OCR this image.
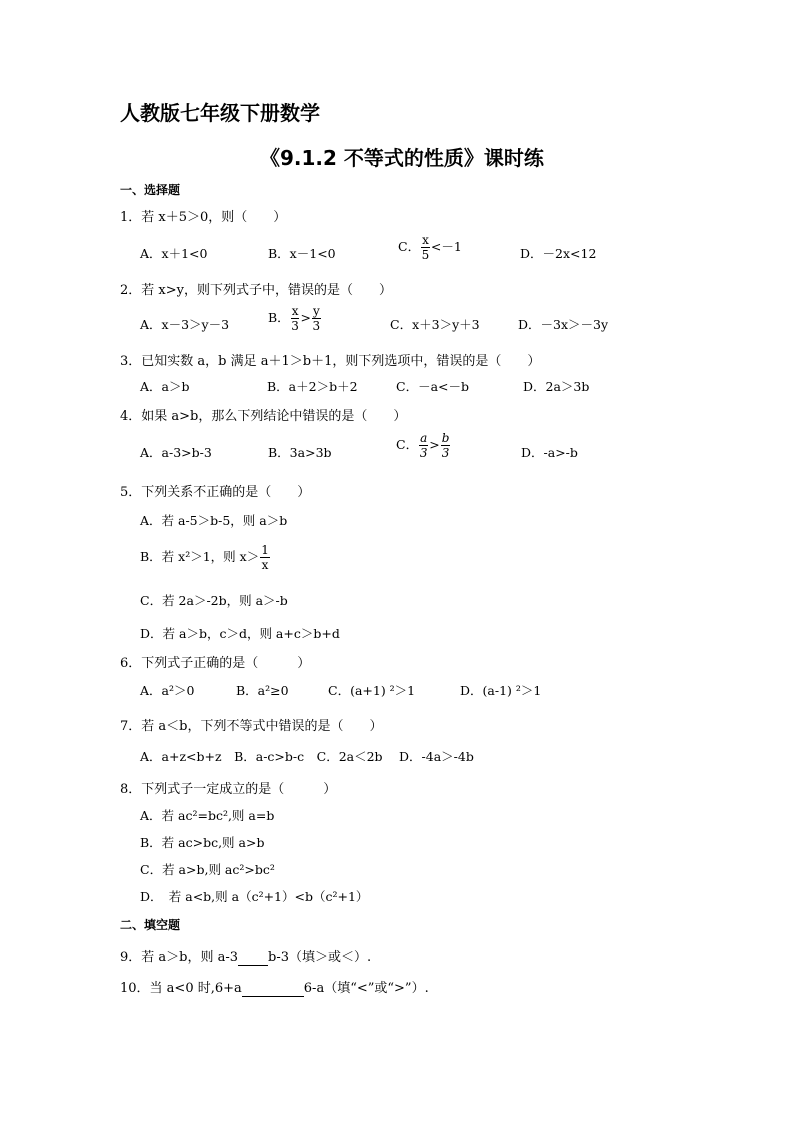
人教版七年级下册数学
《9.1.2 不等式的性质》课时练
一、选择题
1．若 x＋5＞0，则（　　）
A．x＋1<0	B．x－1<0	C． $\frac{x}{5} <-1$	D．－2x<12
2．若 x>y，则下列式子中，错误的是（　　）
A．x－3＞y－3	B． $\frac{x}{3} > \frac{y}{3}$	C．x＋3＞y＋3	D．－3x＞－3y
3．已知实数 a，b 满足 a＋1＞b＋1，则下列选项中，错误的是（　　）
A．a＞b	B．a＋2＞b＋2	C．－a<－b	D．2a＞3b
4．如果 a>b，那么下列结论中错误的是（　　）
A．a-3>b-3	B．3a>3b
C． $\frac{a}{3} > \frac{b}{3}$	D．-a>-b
5．下列关系不正确的是（　　）
A．若 a-5＞b-5，则 a＞b
B．若 x²＞1，则 $x> \frac{1}{x}$
C．若 2a＞-2b，则 a＞-b
D．若 a＞b，c＞d，则 a+c＞b+d
6．下列式子正确的是（　　　）
A．a²＞0	B．a²≥0	C．(a+1) ²＞1	D．(a-1) ²＞1
7．若 a＜b，下列不等式中错误的是（　　）
A．a+z<b+z　B．a-c>b-c　C．2a＜2b　 D．-4a＞-4b
8．下列式子一定成立的是（　　　）
A．若 ac²=bc²,则 a=b
B．若 ac>bc,则 a>b
C．若 a>b,则 ac²>bc²
D．　若 a<b,则 a（c²+1）<b（c²+1）
二、填空题
9．若 a＞b，则 a-3 b-3（填＞或＜）.
10．当 a<0 时,6+a	6-a（填“<”或“>”）.
